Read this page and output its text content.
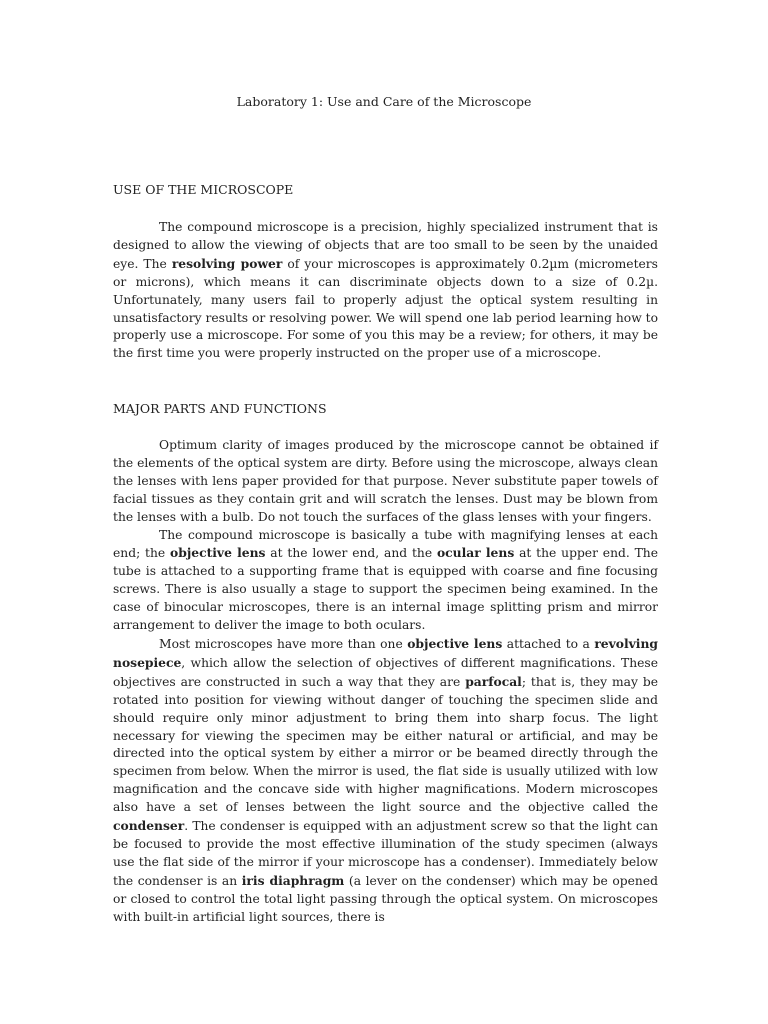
Laboratory 1: Use and Care of the Microscope
USE OF THE MICROSCOPE

The compound microscope is a precision, highly specialized instrument that is designed to allow the viewing of objects that are too small to be seen by the unaided eye. The resolving power of your microscopes is approximately 0.2µm (micrometers or microns), which means it can discriminate objects down to a size of 0.2µ. Unfortunately, many users fail to properly adjust the optical system resulting in unsatisfactory results or resolving power. We will spend one lab period learning how to properly use a microscope. For some of you this may be a review; for others, it may be the first time you were properly instructed on the proper use of a microscope.

MAJOR PARTS AND FUNCTIONS

Optimum clarity of images produced by the microscope cannot be obtained if the elements of the optical system are dirty. Before using the microscope, always clean the lenses with lens paper provided for that purpose. Never substitute paper towels of facial tissues as they contain grit and will scratch the lenses. Dust may be blown from the lenses with a bulb. Do not touch the surfaces of the glass lenses with your fingers.

The compound microscope is basically a tube with magnifying lenses at each end; the objective lens at the lower end, and the ocular lens at the upper end. The tube is attached to a supporting frame that is equipped with coarse and fine focusing screws. There is also usually a stage to support the specimen being examined. In the case of binocular microscopes, there is an internal image splitting prism and mirror arrangement to deliver the image to both oculars.

Most microscopes have more than one objective lens attached to a revolving nosepiece, which allow the selection of objectives of different magnifications. These objectives are constructed in such a way that they are parfocal; that is, they may be rotated into position for viewing without danger of touching the specimen slide and should require only minor adjustment to bring them into sharp focus. The light necessary for viewing the specimen may be either natural or artificial, and may be directed into the optical system by either a mirror or be beamed directly through the specimen from below. When the mirror is used, the flat side is usually utilized with low magnification and the concave side with higher magnifications. Modern microscopes also have a set of lenses between the light source and the objective called the condenser. The condenser is equipped with an adjustment screw so that the light can be focused to provide the most effective illumination of the study specimen (always use the flat side of the mirror if your microscope has a condenser). Immediately below the condenser is an iris diaphragm (a lever on the condenser) which may be opened or closed to control the total light passing through the optical system. On microscopes with built-in artificial light sources, there is
